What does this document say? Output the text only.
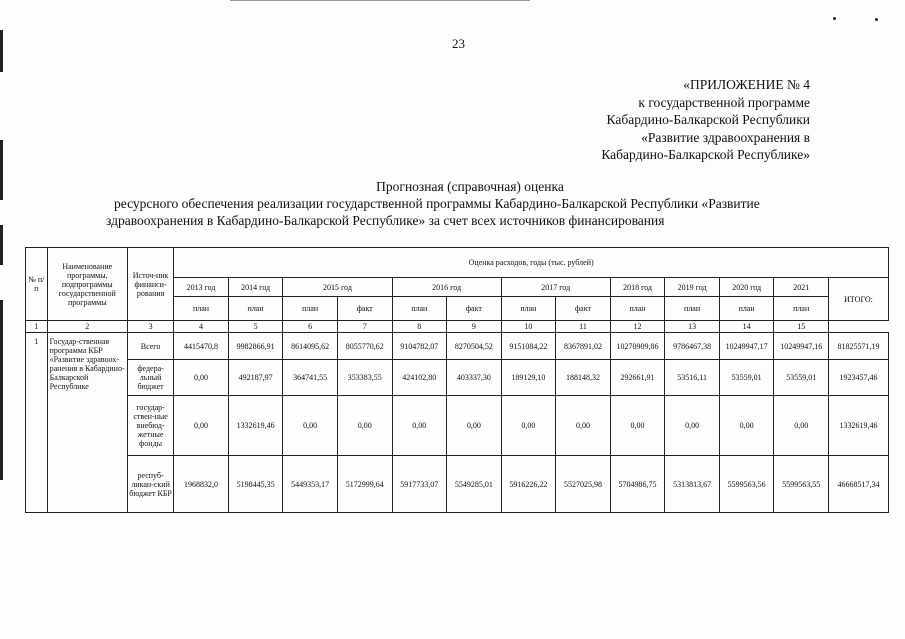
23
«ПРИЛОЖЕНИЕ № 4
к государственной программе
Кабардино-Балкарской Республики
«Развитие здравоохранения в
Кабардино-Балкарской Республике»
Прогнозная (справочная) оценка
ресурсного обеспечения реализации государственной программы Кабардино-Балкарской Республики «Развитие
здравоохранения в Кабардино-Балкарской Республике» за счет всех источников финансирования
№ п/ п	Наименование программы, подпрограммы государственной программы	Источ-ник финанси-рования	Оценка расходов, годы (тыс. рублей)												
			2013 год	2014 год	2015 год		2016 год		2017 год		2018 год	2019 год	2020 год	2021	ИТОГО:
			план	план	план	факт	план	факт	план	факт	план	план	план	план	
1	2	3	4	5	6	7	8	9	10	11	12	13	14	15	
1	Государ-ственная программа КБР «Развитие здравоох-ранения в Кабардино-Балкарской Республике	Всего	4415470,8	9982866,91	8614095,62	8055770,62	9104782,07	8270504,52	9151084,22	8367891,02	10270909,86	9786467,38	10249947,17	10249947,16	81825571,19
		федера-льный бюджет	0,00	492187,97	364741,55	353383,55	424102,80	403337,30	189129,10	188148,32	292661,91	53516,11	53559,01	53559,01	1923457,46
		государ-ствен-ные внебюд-жетные фонды	0,00	1332619,46	0,00	0,00	0,00	0,00	0,00	0,00	0,00	0,00	0,00	0,00	1332619,46
		респуб-ликан-ский бюджет КБР	1968832,0	5198445,35	5449353,17	5172999,64	5917733,07	5549285,01	5916226,22	5527025,98	5704986,75	5313813,67	5599563,56	5599563,55	46668517,34
